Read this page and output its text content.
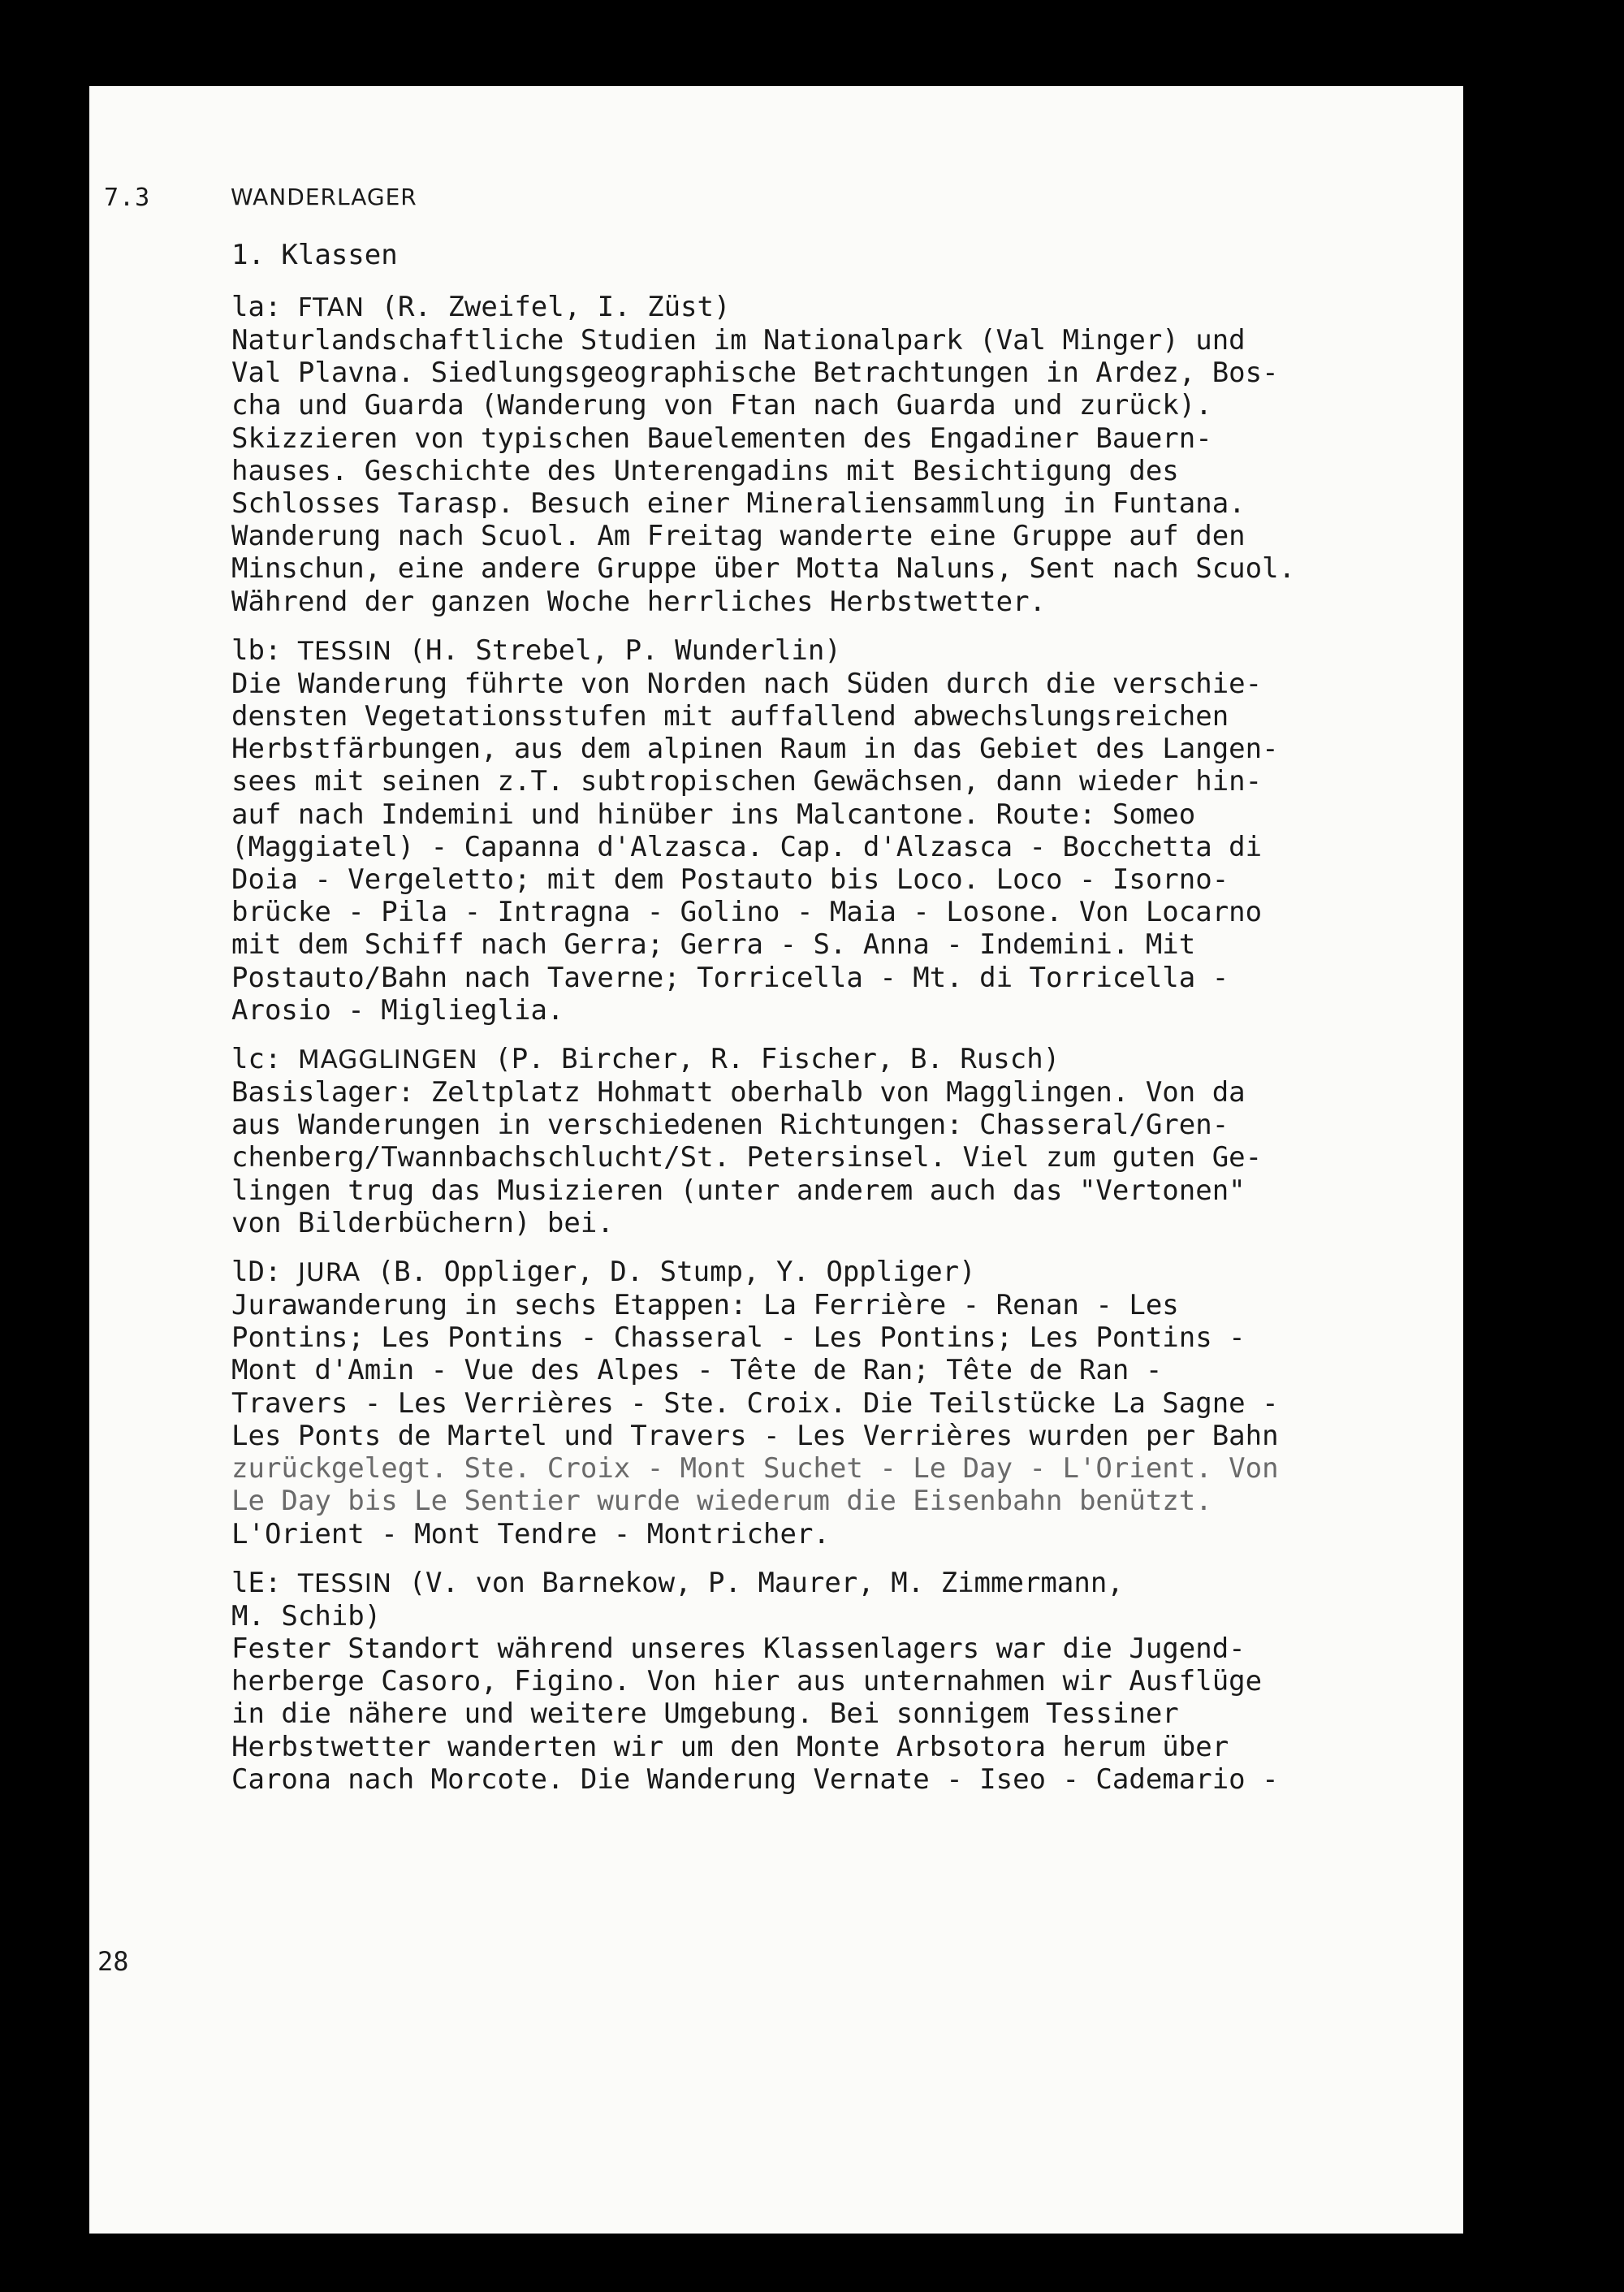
7.3	WANDERLAGER
1. Klassen
la: FTAN (R. Zweifel, I. Züst)
Naturlandschaftliche Studien im Nationalpark (Val Minger) und
Val Plavna. Siedlungsgeographische Betrachtungen in Ardez, Bos-
cha und Guarda (Wanderung von Ftan nach Guarda und zurück).
Skizzieren von typischen Bauelementen des Engadiner Bauern-
hauses. Geschichte des Unterengadins mit Besichtigung des
Schlosses Tarasp. Besuch einer Mineraliensammlung in Funtana.
Wanderung nach Scuol. Am Freitag wanderte eine Gruppe auf den
Minschun, eine andere Gruppe über Motta Naluns, Sent nach Scuol.
Während der ganzen Woche herrliches Herbstwetter.
lb: TESSIN (H. Strebel, P. Wunderlin)
Die Wanderung führte von Norden nach Süden durch die verschie-
densten Vegetationsstufen mit auffallend abwechslungsreichen
Herbstfärbungen, aus dem alpinen Raum in das Gebiet des Langen-
sees mit seinen z.T. subtropischen Gewächsen, dann wieder hin-
auf nach Indemini und hinüber ins Malcantone. Route: Someo
(Maggiatel) - Capanna d'Alzasca. Cap. d'Alzasca - Bocchetta di
Doia - Vergeletto; mit dem Postauto bis Loco. Loco - Isorno-
brücke - Pila - Intragna - Golino - Maia - Losone. Von Locarno
mit dem Schiff nach Gerra; Gerra - S. Anna - Indemini. Mit
Postauto/Bahn nach Taverne; Torricella - Mt. di Torricella -
Arosio - Miglieglia.
lc: MAGGLINGEN (P. Bircher, R. Fischer, B. Rusch)
Basislager: Zeltplatz Hohmatt oberhalb von Magglingen. Von da
aus Wanderungen in verschiedenen Richtungen: Chasseral/Gren-
chenberg/Twannbachschlucht/St. Petersinsel. Viel zum guten Ge-
lingen trug das Musizieren (unter anderem auch das "Vertonen"
von Bilderbüchern) bei.
lD: JURA (B. Oppliger, D. Stump, Y. Oppliger)
Jurawanderung in sechs Etappen: La Ferrière - Renan - Les
Pontins; Les Pontins - Chasseral - Les Pontins; Les Pontins -
Mont d'Amin - Vue des Alpes - Tête de Ran; Tête de Ran -
Travers - Les Verrières - Ste. Croix. Die Teilstücke La Sagne -
Les Ponts de Martel und Travers - Les Verrières wurden per Bahn
zurückgelegt. Ste. Croix - Mont Suchet - Le Day - L'Orient. Von
Le Day bis Le Sentier wurde wiederum die Eisenbahn benützt.
L'Orient - Mont Tendre - Montricher.
lE: TESSIN (V. von Barnekow, P. Maurer, M. Zimmermann,
M. Schib)
Fester Standort während unseres Klassenlagers war die Jugend-
herberge Casoro, Figino. Von hier aus unternahmen wir Ausflüge
in die nähere und weitere Umgebung. Bei sonnigem Tessiner
Herbstwetter wanderten wir um den Monte Arbsotora herum über
Carona nach Morcote. Die Wanderung Vernate - Iseo - Cademario -
28
